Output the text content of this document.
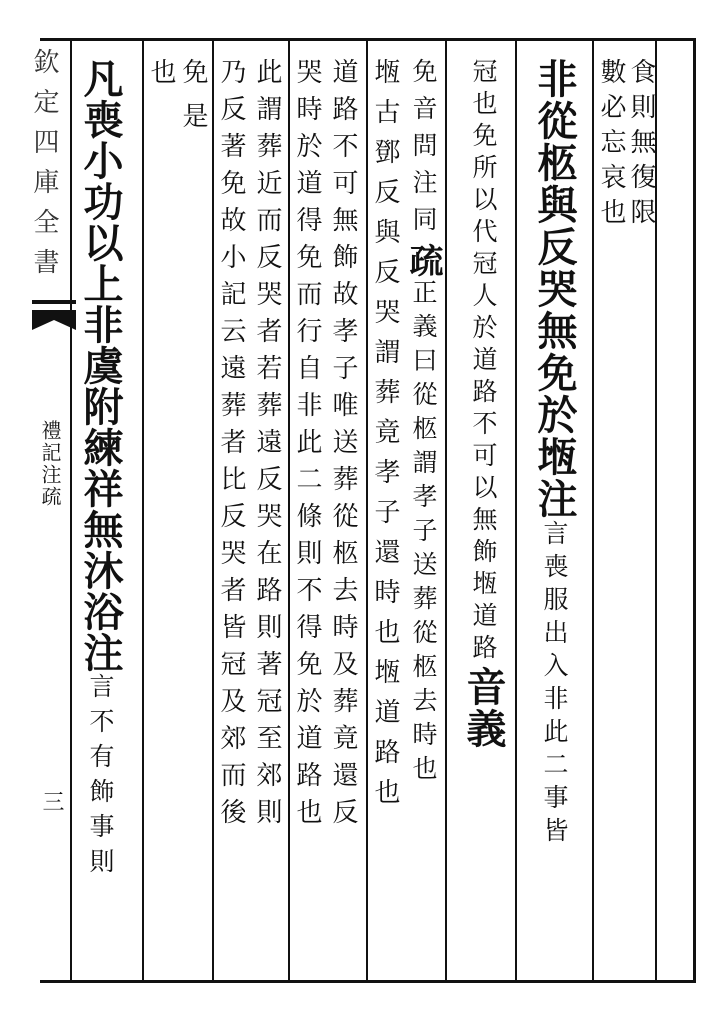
欽定四庫全書
禮記注疏
三
食則無復限
數必忘哀也
非從柩與反哭無免於堩注言喪服出入非此二事皆
冠也免所以代冠人於道路不可以無飾堩道路音義
免音問注同疏正義曰從柩謂孝子送葬從柩去時也
堩古鄧反與反哭謂葬竟孝子還時也堩道路也
道路不可無飾故孝子唯送葬從柩去時及葬竟還反
哭時於道得免而行自非此二條則不得免於道路也
此謂葬近而反哭者若葬遠反哭在路則著冠至郊則
乃反著免故小記云遠葬者比反哭者皆冠及郊而後
免是
也
凡喪小功以上非虞附練祥無沐浴注言不有飾事則
